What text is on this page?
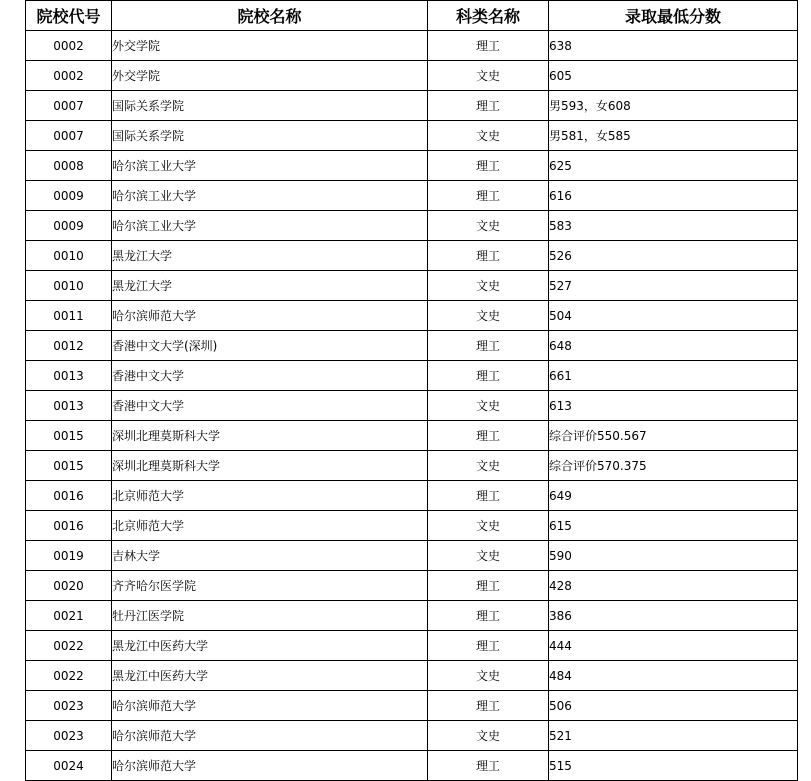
院校代号	院校名称	科类名称	录取最低分数
0002	外交学院	理工	638
0002	外交学院	文史	605
0007	国际关系学院	理工	男593，女608
0007	国际关系学院	文史	男581，女585
0008	哈尔滨工业大学	理工	625
0009	哈尔滨工业大学	理工	616
0009	哈尔滨工业大学	文史	583
0010	黑龙江大学	理工	526
0010	黑龙江大学	文史	527
0011	哈尔滨师范大学	文史	504
0012	香港中文大学(深圳)	理工	648
0013	香港中文大学	理工	661
0013	香港中文大学	文史	613
0015	深圳北理莫斯科大学	理工	综合评价550.567
0015	深圳北理莫斯科大学	文史	综合评价570.375
0016	北京师范大学	理工	649
0016	北京师范大学	文史	615
0019	吉林大学	文史	590
0020	齐齐哈尔医学院	理工	428
0021	牡丹江医学院	理工	386
0022	黑龙江中医药大学	理工	444
0022	黑龙江中医药大学	文史	484
0023	哈尔滨师范大学	理工	506
0023	哈尔滨师范大学	文史	521
0024	哈尔滨师范大学	理工	515
